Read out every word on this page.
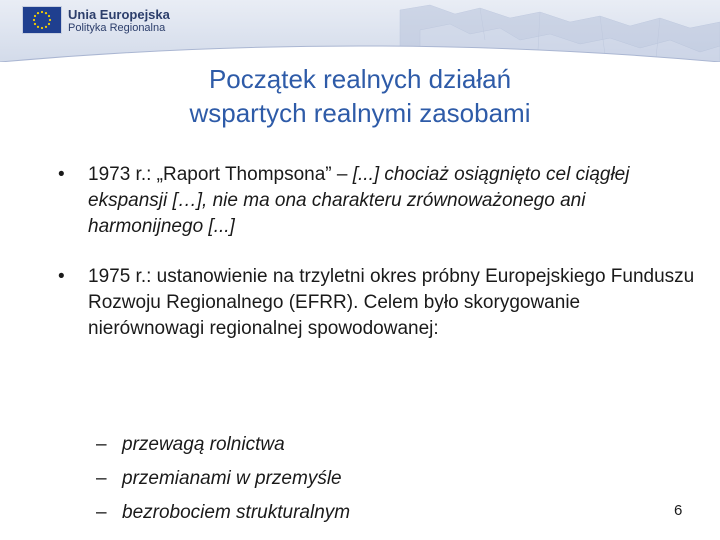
Unia Europejska
Polityka Regionalna
Początek realnych działań
wspartych realnymi zasobami
• 1973 r.: „Raport Thompsona” – [...] chociaż osiągnięto cel ciągłej ekspansji […], nie ma ona charakteru zrównoważonego ani harmonijnego [...]
• 1975 r.: ustanowienie na trzyletni okres próbny Europejskiego Funduszu Rozwoju Regionalnego (EFRR). Celem było skorygowanie nierównowagi regionalnej spowodowanej:
– przewagą rolnictwa
– przemianami w przemyśle
– bezrobociem strukturalnym	6
